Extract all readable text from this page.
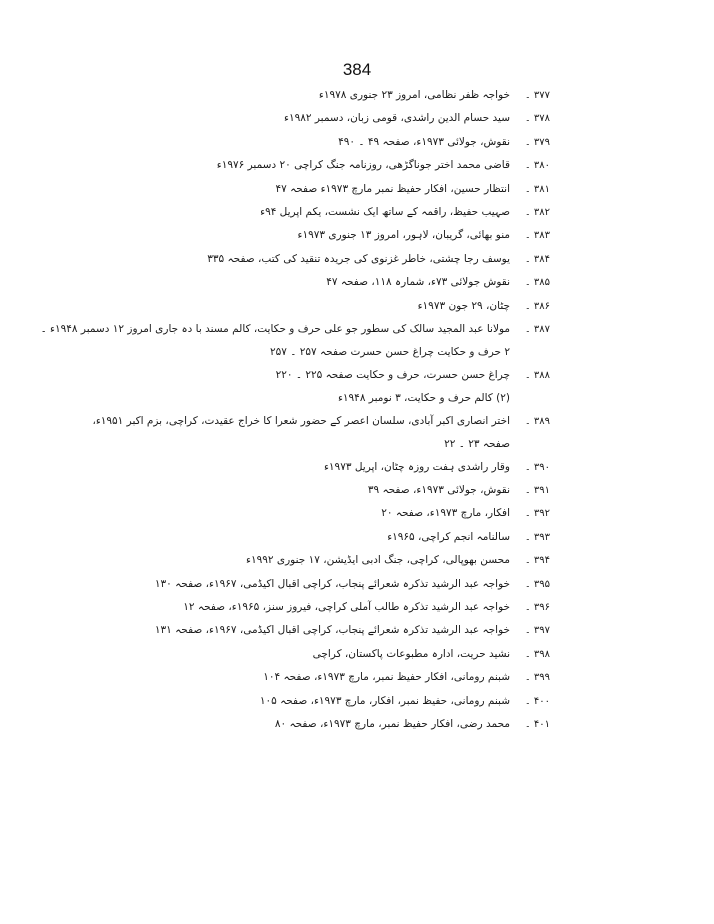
384
۳۷۷ ۔
خواجہ ظفر نظامی، امروز ۲۳ جنوری ۱۹۷۸ء
۳۷۸ ۔
سید حسام الدین راشدی، قومی زبان، دسمبر ۱۹۸۲ء
۳۷۹ ۔
نقوش، جولائی ۱۹۷۳ء، صفحہ ۴۹ ۔ ۴۹۰
۳۸۰ ۔
قاضی محمد اختر جوناگڑھی، روزنامہ جنگ کراچی ۲۰ دسمبر ۱۹۷۶ء
۳۸۱ ۔
انتظار حسین، افکار حفیظ نمبر مارچ ۱۹۷۳ء صفحہ ۴۷
۳۸۲ ۔
صہیب حفیظ، راقمہ کے ساتھ ایک نشست، یکم اپریل ۹۴ء
۳۸۳ ۔
منو بھائی، گریبان، لاہور، امروز ۱۳ جنوری ۱۹۷۳ء
۳۸۴ ۔
یوسف رجا چشتی، خاطر غزنوی کی جریدہ تنقید کی کتب، صفحہ ۳۳۵
۳۸۵ ۔
نقوش جولائی ۷۳ء، شمارہ ۱۱۸، صفحہ ۴۷
۳۸۶ ۔
چٹان، ۲۹ جون ۱۹۷۳ء
۳۸۷ ۔
مولانا عبد المجید سالک کی سطور جو علی حرف و حکایت، کالم مسند با دہ جاری امروز ۱۲ دسمبر ۱۹۴۸ء ۔
۲ حرف و حکایت چراغ حسن حسرت صفحہ ۲۵۷ ۔ ۲۵۷
۳۸۸ ۔
چراغ حسن حسرت، حرف و حکایت صفحہ ۲۲۵ ۔ ۲۲۰
(۲) کالم حرف و حکایت، ۳ نومبر ۱۹۴۸ء
۳۸۹ ۔
اختر انصاری اکبر آبادی، سلسان اعصر کے حضور شعرا کا خراج عقیدت، کراچی، بزم اکبر ۱۹۵۱ء،
صفحہ ۲۳ ۔ ۲۲
۳۹۰ ۔
وقار راشدی ہفت روزہ چٹان، اپریل ۱۹۷۳ء
۳۹۱ ۔
نقوش، جولائی ۱۹۷۳ء، صفحہ ۳۹
۳۹۲ ۔
افکار، مارچ ۱۹۷۳ء، صفحہ ۲۰
۳۹۳ ۔
سالنامہ انجم کراچی، ۱۹۶۵ء
۳۹۴ ۔
محسن بھوپالی، کراچی، جنگ ادبی ایڈیشن، ۱۷ جنوری ۱۹۹۲ء
۳۹۵ ۔
خواجہ عبد الرشید تذکرہ شعرائے پنجاب، کراچی اقبال اکیڈمی، ۱۹۶۷ء، صفحہ ۱۳۰
۳۹۶ ۔
خواجہ عبد الرشید تذکرہ طالب آملی کراچی، فیروز سنز، ۱۹۶۵ء، صفحہ ۱۲
۳۹۷ ۔
خواجہ عبد الرشید تذکرہ شعرائے پنجاب، کراچی اقبال اکیڈمی، ۱۹۶۷ء، صفحہ ۱۳۱
۳۹۸ ۔
نشید حریت، ادارہ مطبوعات پاکستان، کراچی
۳۹۹ ۔
شبنم رومانی، افکار حفیظ نمبر، مارچ ۱۹۷۳ء، صفحہ ۱۰۴
۴۰۰ ۔
شبنم رومانی، حفیظ نمبر، افکار، مارچ ۱۹۷۳ء، صفحہ ۱۰۵
۴۰۱ ۔
محمد رضی، افکار حفیظ نمبر، مارچ ۱۹۷۳ء، صفحہ ۸۰
